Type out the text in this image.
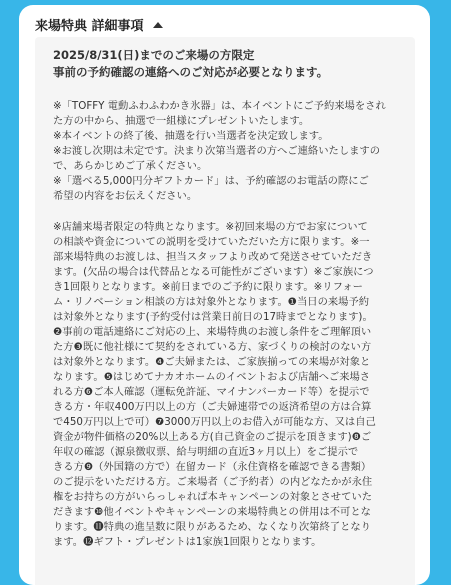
来場特典 詳細事項
2025/8/31(日)までのご来場の方限定
事前の予約確認の連絡へのご対応が必要となります。
※「TOFFY 電動ふわふわかき氷器」は、本イベントにご予約来場をされ
た方の中から、抽選で一組様にプレゼントいたします。
※本イベントの終了後、抽選を行い当選者を決定致します。
※お渡し次期は未定です。決まり次第当選者の方へご連絡いたしますの
で、あらかじめご了承ください。
※「選べる5,000円分ギフトカード」は、予約確認のお電話の際にご
希望の内容をお伝えください。
※店舗来場者限定の特典となります。※初回来場の方でお家について
の相談や資金についての説明を受けていただいた方に限ります。※一
部来場特典のお渡しは、担当スタッフより改めて発送させていただき
ます。(欠品の場合は代替品となる可能性がございます）※ご家族につ
き1回限りとなります。※前日までのご予約に限ります。※リフォー
ム・リノベーション相談の方は対象外となります。❶当日の来場予約
は対象外となります(予約受付は営業日前日の17時までとなります)。
❷事前の電話連絡にご対応の上、来場特典のお渡し条件をご理解頂い
た方❸既に他社様にて契約をされている方、家づくりの検討のない方
は対象外となります。❹ご夫婦または、ご家族揃っての来場が対象と
なります。❺はじめてナカオホームのイベントおよび店舗へご来場さ
れる方❻ご本人確認（運転免許証、マイナンバーカード等）を提示で
きる方・年収400万円以上の方（ご夫婦連帯での返済希望の方は合算
で450万円以上で可）❼3000万円以上のお借入が可能な方、又は自己
資金が物件価格の20%以上ある方(自己資金のご提示を頂きます)❽ご
年収の確認（源泉徴収票、給与明細の直近3ヶ月以上）をご提示で
きる方❾（外国籍の方で）在留カード（永住資格を確認できる書類）
のご提示をいただける方。ご来場者（ご予約者）の内どなたかが永住
権をお持ちの方がいらっしゃれば本キャンペーンの対象とさせていた
だきます❿他イベントやキャンペーンの来場特典との併用は不可とな
ります。⓫特典の進呈数に限りがあるため、なくなり次第終了となり
ます。⓬ギフト・プレゼントは1家族1回限りとなります。
